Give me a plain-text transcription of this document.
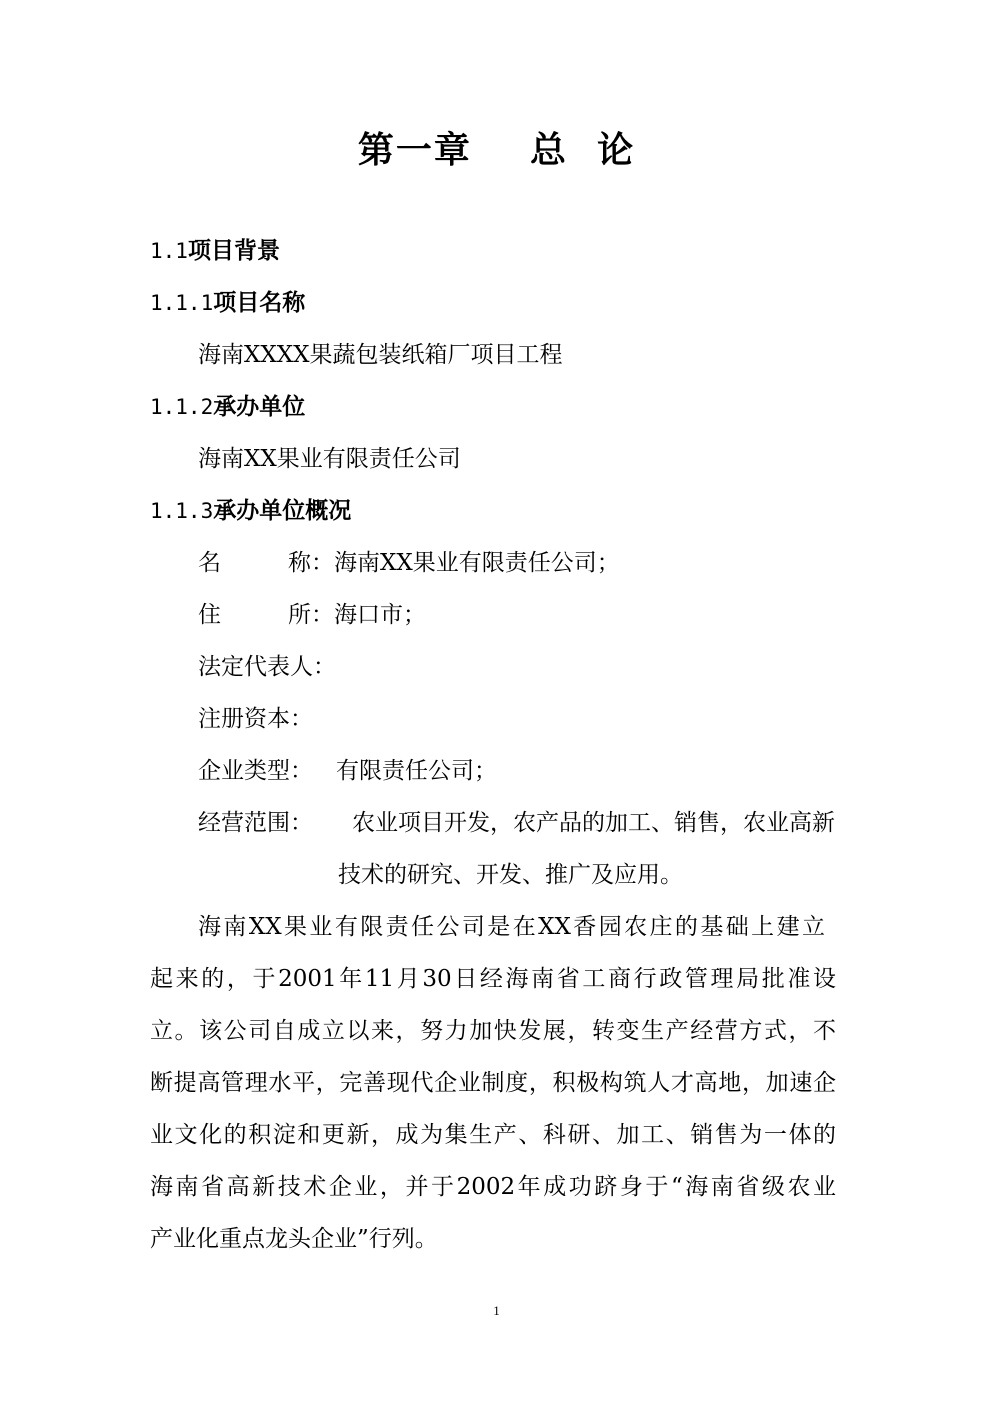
第一章    总  论
1.1项目背景
1.1.1项目名称
海南XXXX果蔬包装纸箱厂项目工程
1.1.2承办单位
海南XX果业有限责任公司
1.1.3承办单位概况
名	称：海南XX果业有限责任公司；
住	所：海口市；
法定代表人：
注册资本：
企业类型： 有限责任公司；
经营范围： 农业项目开发，农产品的加工、销售，农业高新
技术的研究、开发、推广及应用。
海南XX果业有限责任公司是在XX香园农庄的基础上建立
起来的，于2001年11月30日经海南省工商行政管理局批准设
立。该公司自成立以来，努力加快发展，转变生产经营方式，不
断提高管理水平，完善现代企业制度，积极构筑人才高地，加速企
业文化的积淀和更新，成为集生产、科研、加工、销售为一体的
海南省高新技术企业，并于2002年成功跻身于“海南省级农业
产业化重点龙头企业”行列。
1
